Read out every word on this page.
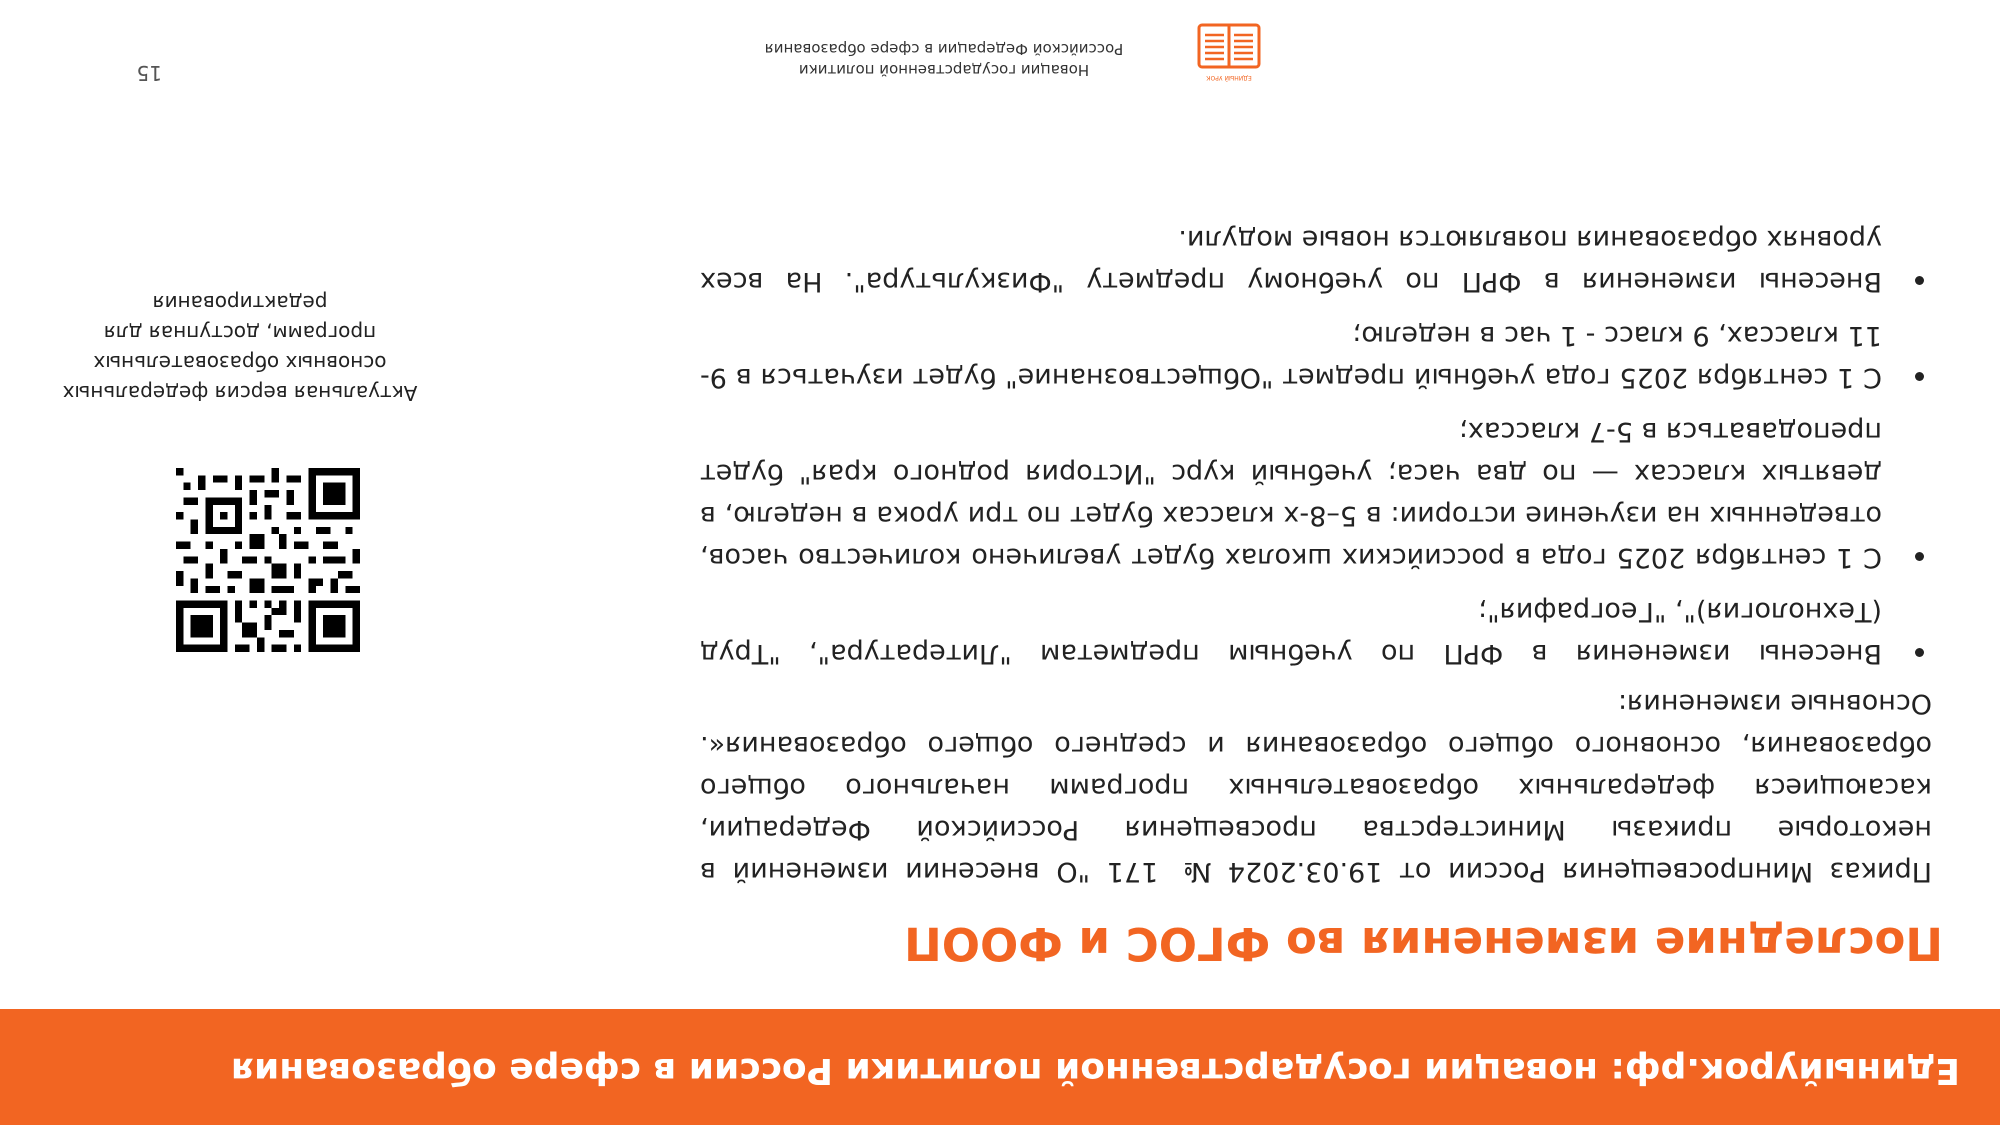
Единыйурок.рф: новации государственной политики России в сфере образования
Последние изменения во ФГОС и ФООП

Приказ Минпросвещения России от 19.03.2024 № 171 "О внесении изменений в некоторые приказы Министерства просвещения Российской Федерации, касающиеся федеральных образовательных программ начального общего образования, основного общего образования и среднего общего образования«. Основные изменения:

Внесены изменения в ФРП по учебным предметам "Литература", "Труд (Технология)", "География";
С 1 сентября 2025 года в российских школах будет увеличено количество часов, отведенных на изучение истории: в 5–8-х классах будет по три урока в неделю, в девятых классах — по два часа; учебный курс "История родного края" будет преподаваться в 5-7 классах;
С 1 сентября 2025 года учебный предмет "Обществознание" будет изучаться в 9-11 классах, 9 класс - 1 час в неделю;
Внесены изменения в ФРП по учебному предмету "Физкультура". На всех уровнях образования появляются новые модули.
Актуальная версия федеральных основных образовательных программ, доступная для редактирования
ЕДИНЫЙ УРОК
Новации государственной политики Российской Федерации в сфере образования
15
